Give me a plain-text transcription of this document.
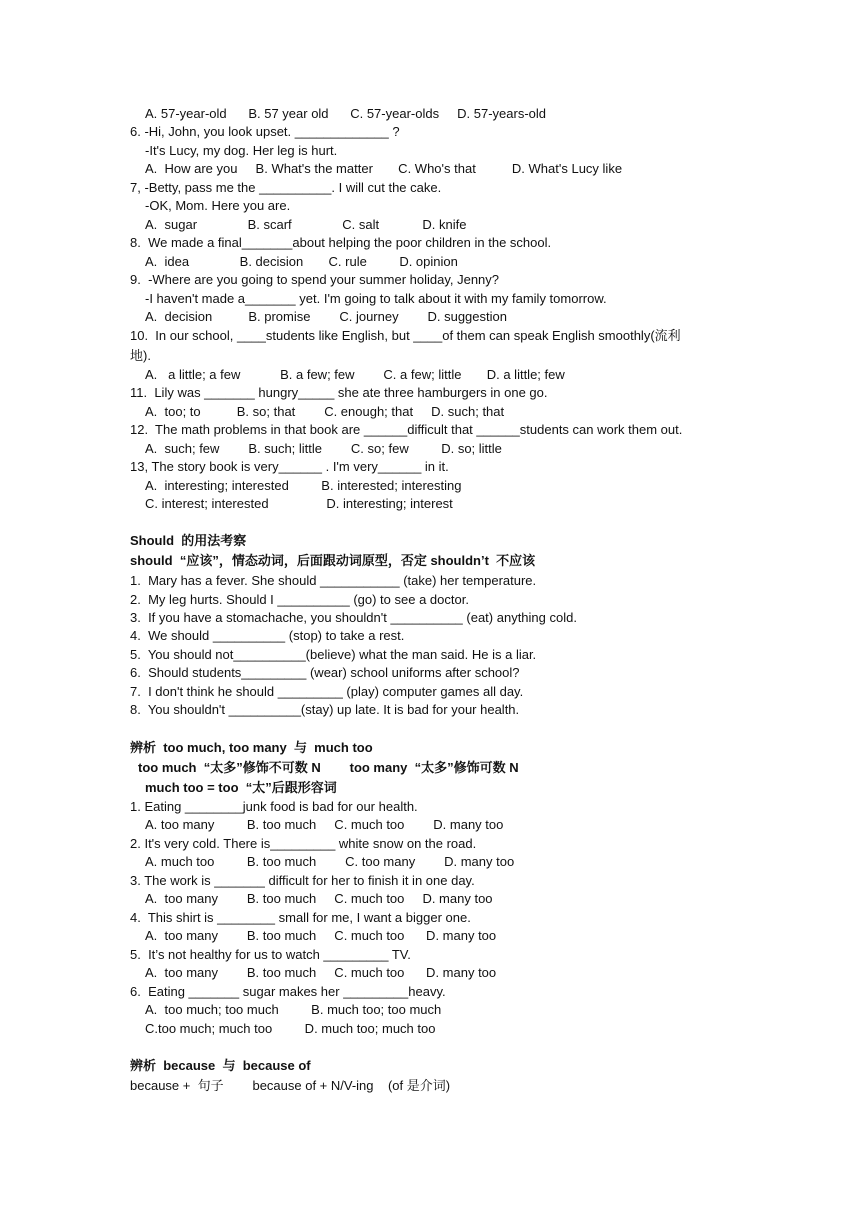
A. 57-year-old      B. 57 year old      C. 57-year-olds     D. 57-years-old
6. -Hi, John, you look upset. _____________ ?
-It's Lucy, my dog. Her leg is hurt.
A.  How are you     B. What's the matter       C. Who's that          D. What's Lucy like
7, -Betty, pass me the __________. I will cut the cake.
-OK, Mom. Here you are.
A.  sugar              B. scarf              C. salt            D. knife
8.  We made a final_______about helping the poor children in the school.
A.  idea              B. decision       C. rule         D. opinion
9.  -Where are you going to spend your summer holiday, Jenny?
-I haven't made a_______ yet. I'm going to talk about it with my family tomorrow.
A.  decision          B. promise        C. journey        D. suggestion
10.  In our school, ____students like English, but ____of them can speak English smoothly(流利
地).
A.   a little; a few           B. a few; few        C. a few; little       D. a little; few
11.  Lily was _______ hungry_____ she ate three hamburgers in one go.
A.  too; to          B. so; that        C. enough; that     D. such; that
12.  The math problems in that book are ______difficult that ______students can work them out.
A.  such; few        B. such; little        C. so; few         D. so; little
13, The story book is very______ . I'm very______ in it.
A.  interesting; interested         B. interested; interesting
C. interest; interested                D. interesting; interest
Should  的用法考察
should  “应该”，情态动词，后面跟动词原型，否定 shouldn’t  不应该
1.  Mary has a fever. She should ___________ (take) her temperature.
2.  My leg hurts. Should I __________ (go) to see a doctor.
3.  If you have a stomachache, you shouldn't __________ (eat) anything cold.
4.  We should __________ (stop) to take a rest.
5.  You should not__________(believe) what the man said. He is a liar.
6.  Should students_________ (wear) school uniforms after school?
7.  I don't think he should _________ (play) computer games all day.
8.  You shouldn't __________(stay) up late. It is bad for your health.
辨析  too much, too many  与  much too
too much  “太多”修饰不可数 N        too many  “太多”修饰可数 N
much too = too  “太”后跟形容词
1. Eating ________junk food is bad for our health.
A. too many         B. too much     C. much too        D. many too
2. It's very cold. There is_________ white snow on the road.
A. much too         B. too much        C. too many        D. many too
3. The work is _______ difficult for her to finish it in one day.
A.  too many        B. too much     C. much too     D. many too
4.  This shirt is ________ small for me, I want a bigger one.
A.  too many        B. too much     C. much too      D. many too
5.  It’s not healthy for us to watch _________ TV.
A.  too many        B. too much     C. much too      D. many too
6.  Eating _______ sugar makes her _________heavy.
A.  too much; too much         B. much too; too much
C.too much; much too         D. much too; much too
辨析  because  与  because of
because +  句子        because of + N/V-ing    (of 是介词)
